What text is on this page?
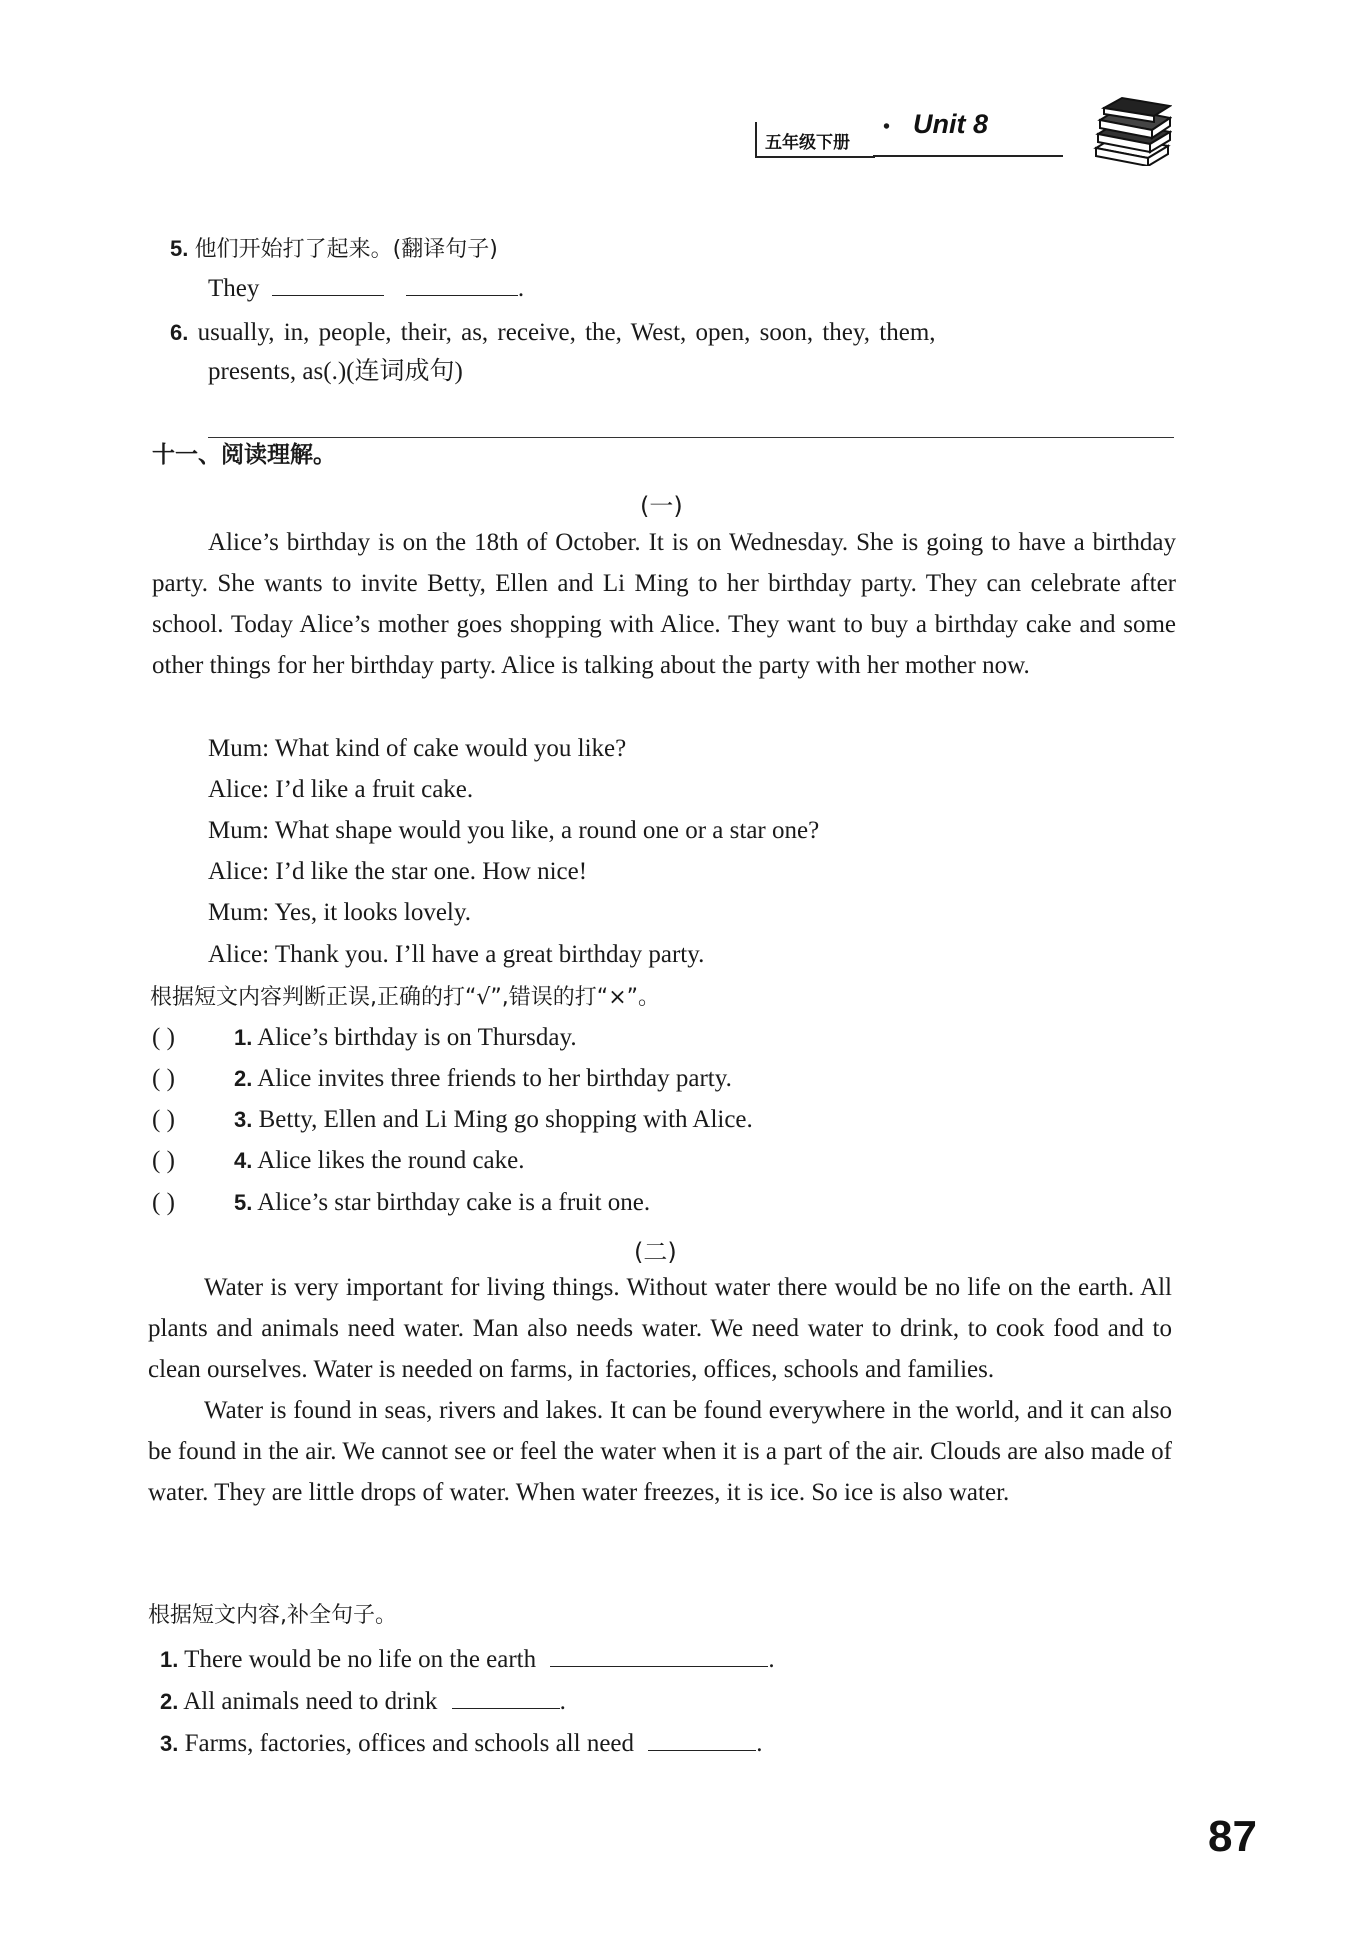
五年级下册
• Unit 8
5. 他们开始打了起来。(翻译句子)
They	.
6. usually, in, people, their, as, receive, the, West, open, soon, they, them,
presents, as(.)(连词成句)
十一、阅读理解。
(一)

Alice’s birthday is on the 18th of October. It is on Wednesday. She is going to have a birthday party. She wants to invite Betty, Ellen and Li Ming to her birthday party. They can celebrate after school. Today Alice’s mother goes shopping with Alice. They want to buy a birthday cake and some other things for her birthday party. Alice is talking about the party with her mother now.

Mum: What kind of cake would you like?
Alice: I’d like a fruit cake.
Mum: What shape would you like, a round one or a star one?
Alice: I’d like the star one. How nice!
Mum: Yes, it looks lovely.
Alice: Thank you. I’ll have a great birthday party.
根据短文内容判断正误,正确的打“√”,错误的打“×”。
( )	1. Alice’s birthday is on Thursday.
( )	2. Alice invites three friends to her birthday party.
( )	3. Betty, Ellen and Li Ming go shopping with Alice.
( )	4. Alice likes the round cake.
( )	5. Alice’s star birthday cake is a fruit one.
(二)

Water is very important for living things. Without water there would be no life on the earth. All plants and animals need water. Man also needs water. We need water to drink, to cook food and to clean ourselves. Water is needed on farms, in factories, offices, schools and families.

Water is found in seas, rivers and lakes. It can be found everywhere in the world, and it can also be found in the air. We cannot see or feel the water when it is a part of the air. Clouds are also made of water. They are little drops of water. When water freezes, it is ice. So ice is also water.

根据短文内容,补全句子。
1. There would be no life on the earth	.
2. All animals need to drink	.
3. Farms, factories, offices and schools all need	.
87
